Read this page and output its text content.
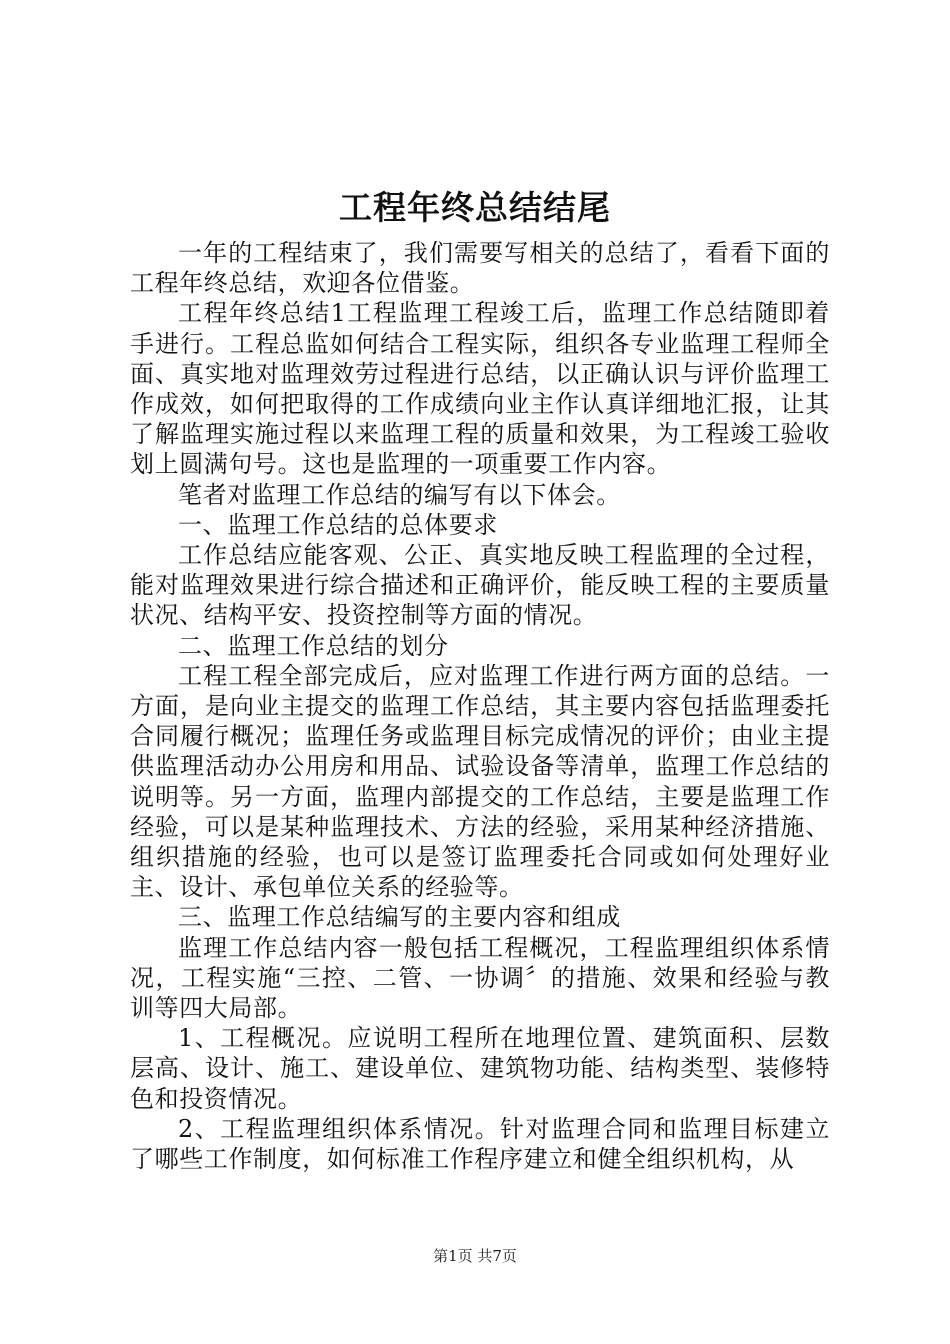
工程年终总结结尾

一年的工程结束了，我们需要写相关的总结了，看看下面的工程年终总结，欢迎各位借鉴。

工程年终总结1工程监理工程竣工后，监理工作总结随即着手进行。工程总监如何结合工程实际，组织各专业监理工程师全面、真实地对监理效劳过程进行总结，以正确认识与评价监理工作成效，如何把取得的工作成绩向业主作认真详细地汇报，让其了解监理实施过程以来监理工程的质量和效果，为工程竣工验收划上圆满句号。这也是监理的一项重要工作内容。

笔者对监理工作总结的编写有以下体会。

一、监理工作总结的总体要求

工作总结应能客观、公正、真实地反映工程监理的全过程，能对监理效果进行综合描述和正确评价，能反映工程的主要质量状况、结构平安、投资控制等方面的情况。

二、监理工作总结的划分

工程工程全部完成后，应对监理工作进行两方面的总结。一方面，是向业主提交的监理工作总结，其主要内容包括监理委托合同履行概况；监理任务或监理目标完成情况的评价；由业主提供监理活动办公用房和用品、试验设备等清单，监理工作总结的说明等。另一方面，监理内部提交的工作总结，主要是监理工作经验，可以是某种监理技术、方法的经验，采用某种经济措施、组织措施的经验，也可以是签订监理委托合同或如何处理好业主、设计、承包单位关系的经验等。

三、监理工作总结编写的主要内容和组成

监理工作总结内容一般包括工程概况，工程监理组织体系情况，工程实施“三控、二管、一协调〞的措施、效果和经验与教训等四大局部。

1、工程概况。应说明工程所在地理位置、建筑面积、层数层高、设计、施工、建设单位、建筑物功能、结构类型、装修特色和投资情况。

2、工程监理组织体系情况。针对监理合同和监理目标建立了哪些工作制度，如何标准工作程序建立和健全组织机构，从

第1页 共7页
